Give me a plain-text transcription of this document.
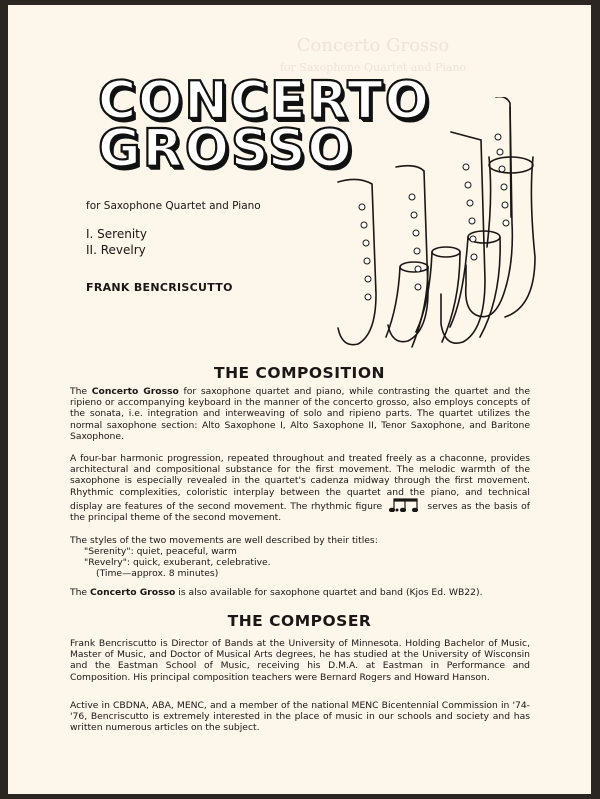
Concerto Grosso
for Saxophone Quartet and Piano
CONCERTO
GROSSO
for Saxophone Quartet and Piano
I. Serenity
II. Revelry
FRANK BENCRISCUTTO
THE COMPOSITION
The Concerto Grosso for saxophone quartet and piano, while contrasting the quartet and the ripieno or accompanying keyboard in the manner of the concerto grosso, also employs concepts of the sonata, i.e. integration and interweaving of solo and ripieno parts. The quartet utilizes the normal saxophone section: Alto Saxophone I, Alto Saxophone II, Tenor Saxophone, and Baritone Saxophone.
A four-bar harmonic progression, repeated throughout and treated freely as a chaconne, provides architectural and compositional substance for the first movement. The melodic warmth of the saxophone is especially revealed in the quartet's cadenza midway through the first movement. Rhythmic complexities, coloristic interplay between the quartet and the piano, and technical display are features of the second movement. The rhythmic figure	serves as the basis of the principal theme of the second movement.
The styles of the two movements are well described by their titles:
"Serenity": quiet, peaceful, warm
"Revelry": quick, exuberant, celebrative.
(Time—approx. 8 minutes)
The Concerto Grosso is also available for saxophone quartet and band (Kjos Ed. WB22).
THE COMPOSER
Frank Bencriscutto is Director of Bands at the University of Minnesota. Holding Bachelor of Music, Master of Music, and Doctor of Musical Arts degrees, he has studied at the University of Wisconsin and the Eastman School of Music, receiving his D.M.A. at Eastman in Performance and Composition. His principal composition teachers were Bernard Rogers and Howard Hanson.
Active in CBDNA, ABA, MENC, and a member of the national MENC Bicentennial Commission in '74-'76, Bencriscutto is extremely interested in the place of music in our schools and society and has written numerous articles on the subject.
